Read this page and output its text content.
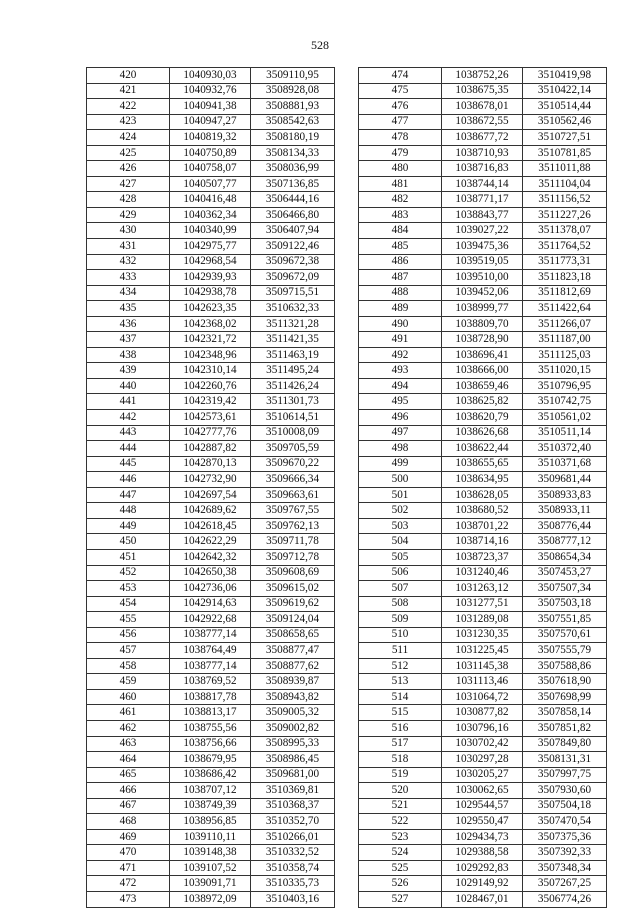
528
420	1040930,03	3509110,95
421	1040932,76	3508928,08
422	1040941,38	3508881,93
423	1040947,27	3508542,63
424	1040819,32	3508180,19
425	1040750,89	3508134,33
426	1040758,07	3508036,99
427	1040507,77	3507136,85
428	1040416,48	3506444,16
429	1040362,34	3506466,80
430	1040340,99	3506407,94
431	1042975,77	3509122,46
432	1042968,54	3509672,38
433	1042939,93	3509672,09
434	1042938,78	3509715,51
435	1042623,35	3510632,33
436	1042368,02	3511321,28
437	1042321,72	3511421,35
438	1042348,96	3511463,19
439	1042310,14	3511495,24
440	1042260,76	3511426,24
441	1042319,42	3511301,73
442	1042573,61	3510614,51
443	1042777,76	3510008,09
444	1042887,82	3509705,59
445	1042870,13	3509670,22
446	1042732,90	3509666,34
447	1042697,54	3509663,61
448	1042689,62	3509767,55
449	1042618,45	3509762,13
450	1042622,29	3509711,78
451	1042642,32	3509712,78
452	1042650,38	3509608,69
453	1042736,06	3509615,02
454	1042914,63	3509619,62
455	1042922,68	3509124,04
456	1038777,14	3508658,65
457	1038764,49	3508877,47
458	1038777,14	3508877,62
459	1038769,52	3508939,87
460	1038817,78	3508943,82
461	1038813,17	3509005,32
462	1038755,56	3509002,82
463	1038756,66	3508995,33
464	1038679,95	3508986,45
465	1038686,42	3509681,00
466	1038707,12	3510369,81
467	1038749,39	3510368,37
468	1038956,85	3510352,70
469	1039110,11	3510266,01
470	1039148,38	3510332,52
471	1039107,52	3510358,74
472	1039091,71	3510335,73
473	1038972,09	3510403,16
474	1038752,26	3510419,98
475	1038675,35	3510422,14
476	1038678,01	3510514,44
477	1038672,55	3510562,46
478	1038677,72	3510727,51
479	1038710,93	3510781,85
480	1038716,83	3511011,88
481	1038744,14	3511104,04
482	1038771,17	3511156,52
483	1038843,77	3511227,26
484	1039027,22	3511378,07
485	1039475,36	3511764,52
486	1039519,05	3511773,31
487	1039510,00	3511823,18
488	1039452,06	3511812,69
489	1038999,77	3511422,64
490	1038809,70	3511266,07
491	1038728,90	3511187,00
492	1038696,41	3511125,03
493	1038666,00	3511020,15
494	1038659,46	3510796,95
495	1038625,82	3510742,75
496	1038620,79	3510561,02
497	1038626,68	3510511,14
498	1038622,44	3510372,40
499	1038655,65	3510371,68
500	1038634,95	3509681,44
501	1038628,05	3508933,83
502	1038680,52	3508933,11
503	1038701,22	3508776,44
504	1038714,16	3508777,12
505	1038723,37	3508654,34
506	1031240,46	3507453,27
507	1031263,12	3507507,34
508	1031277,51	3507503,18
509	1031289,08	3507551,85
510	1031230,35	3507570,61
511	1031225,45	3507555,79
512	1031145,38	3507588,86
513	1031113,46	3507618,90
514	1031064,72	3507698,99
515	1030877,82	3507858,14
516	1030796,16	3507851,82
517	1030702,42	3507849,80
518	1030297,28	3508131,31
519	1030205,27	3507997,75
520	1030062,65	3507930,60
521	1029544,57	3507504,18
522	1029550,47	3507470,54
523	1029434,73	3507375,36
524	1029388,58	3507392,33
525	1029292,83	3507348,34
526	1029149,92	3507267,25
527	1028467,01	3506774,26
